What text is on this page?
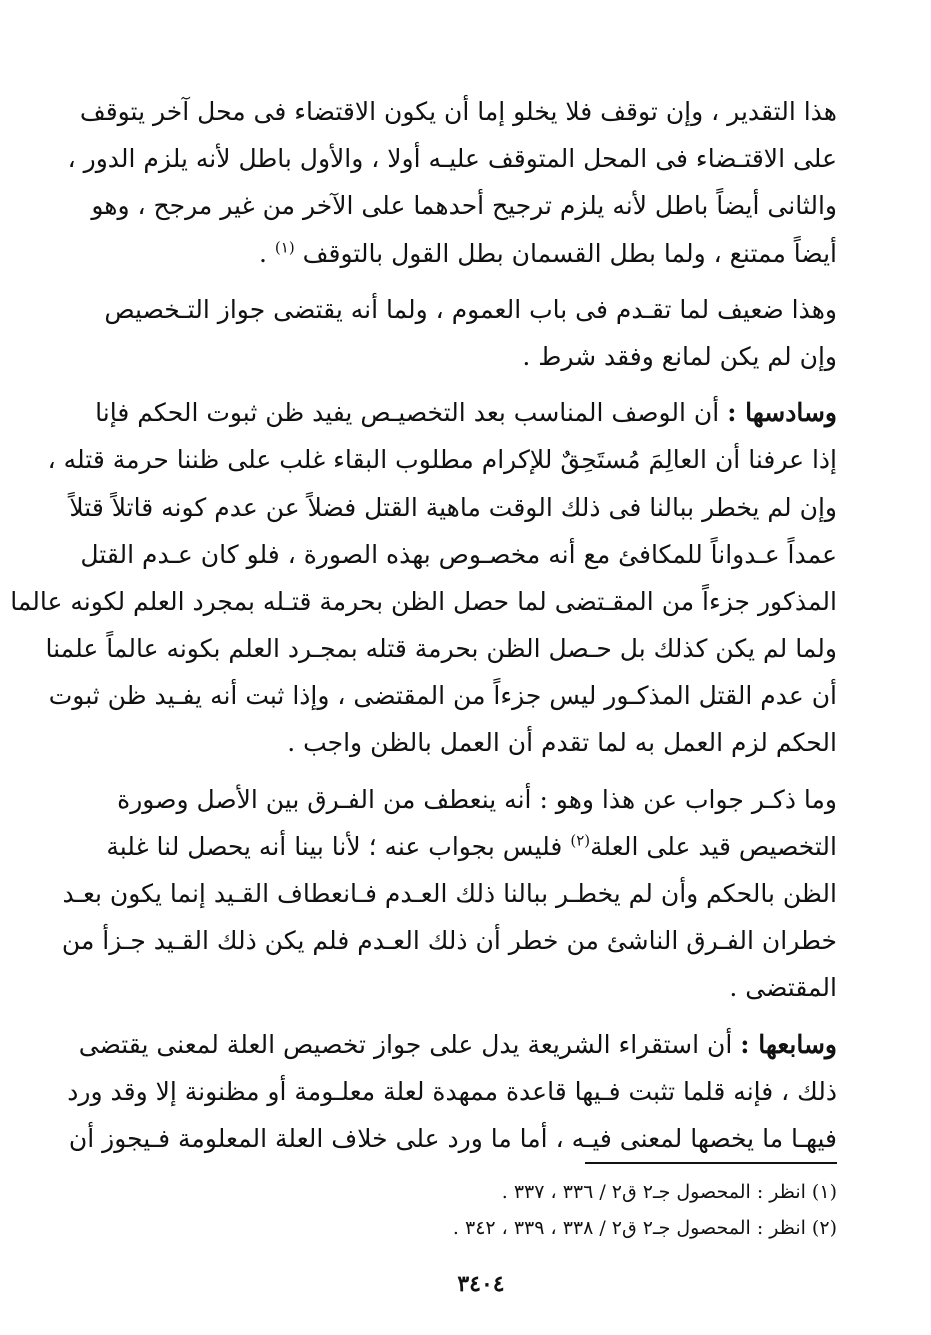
هذا التقدير ، وإن توقف فلا يخلو إما أن يكون الاقتضاء فى محل آخر يتوقف
على الاقتـضاء فى المحل المتوقف عليـه أولا ، والأول باطل لأنه يلزم الدور ،
والثانى أيضاً باطل لأنه يلزم ترجيح أحدهما على الآخر من غير مرجح ، وهو
أيضاً ممتنع ، ولما بطل القسمان بطل القول بالتوقف $^{(١)}$ .
وهذا ضعيف لما تقـدم فى باب العموم ، ولما أنه يقتضى جواز التـخصيص
وإن لم يكن لمانع وفقد شرط .
وسادسها : أن الوصف المناسب بعد التخصيـص يفيد ظن ثبوت الحكم فإنا
إذا عرفنا أن العالِمَ مُستَحِقٌ للإكرام مطلوب البقاء غلب على ظننا حرمة قتله ،
وإن لم يخطر ببالنا فى ذلك الوقت ماهية القتل فضلاً عن عدم كونه قاتلاً قتلاً
عمداً عـدواناً للمكافئ مع أنه مخصـوص بهذه الصورة ، فلو كان عـدم القتل
المذكور جزءاً من المقـتضى لما حصل الظن بحرمة قتـله بمجرد العلم لكونه عالما
ولما لم يكن كذلك بل حـصل الظن بحرمة قتله بمجـرد العلم بكونه عالماً علمنا
أن عدم القتل المذكـور ليس جزءاً من المقتضى ، وإذا ثبت أنه يفـيد ظن ثبوت
الحكم لزم العمل به لما تقدم أن العمل بالظن واجب .
وما ذكـر جواب عن هذا وهو : أنه ينعطف من الفـرق بين الأصل وصورة
التخصيص قيد على العلة$^{(٢)}$ فليس بجواب عنه ؛ لأنا بينا أنه يحصل لنا غلبة
الظن بالحكم وأن لم يخطـر ببالنا ذلك العـدم فـانعطاف القـيد إنما يكون بعـد
خطران الفـرق الناشئ من خطر أن ذلك العـدم فلم يكن ذلك القـيد جـزأ من
المقتضى .
وسابعها : أن استقراء الشريعة يدل على جواز تخصيص العلة لمعنى يقتضى
ذلك ، فإنه قلما تثبت فـيها قاعدة ممهدة لعلة معلـومة أو مظنونة إلا وقد ورد
فيهـا ما يخصها لمعنى فيـه ، أما ما ورد على خلاف العلة المعلومة فـيجوز أن
(١) انظر : المحصول جـ٢ ق٢ / ٣٣٦ ، ٣٣٧ .
(٢) انظر : المحصول جـ٢ ق٢ / ٣٣٨ ، ٣٣٩ ، ٣٤٢ .
٣٤٠٤
